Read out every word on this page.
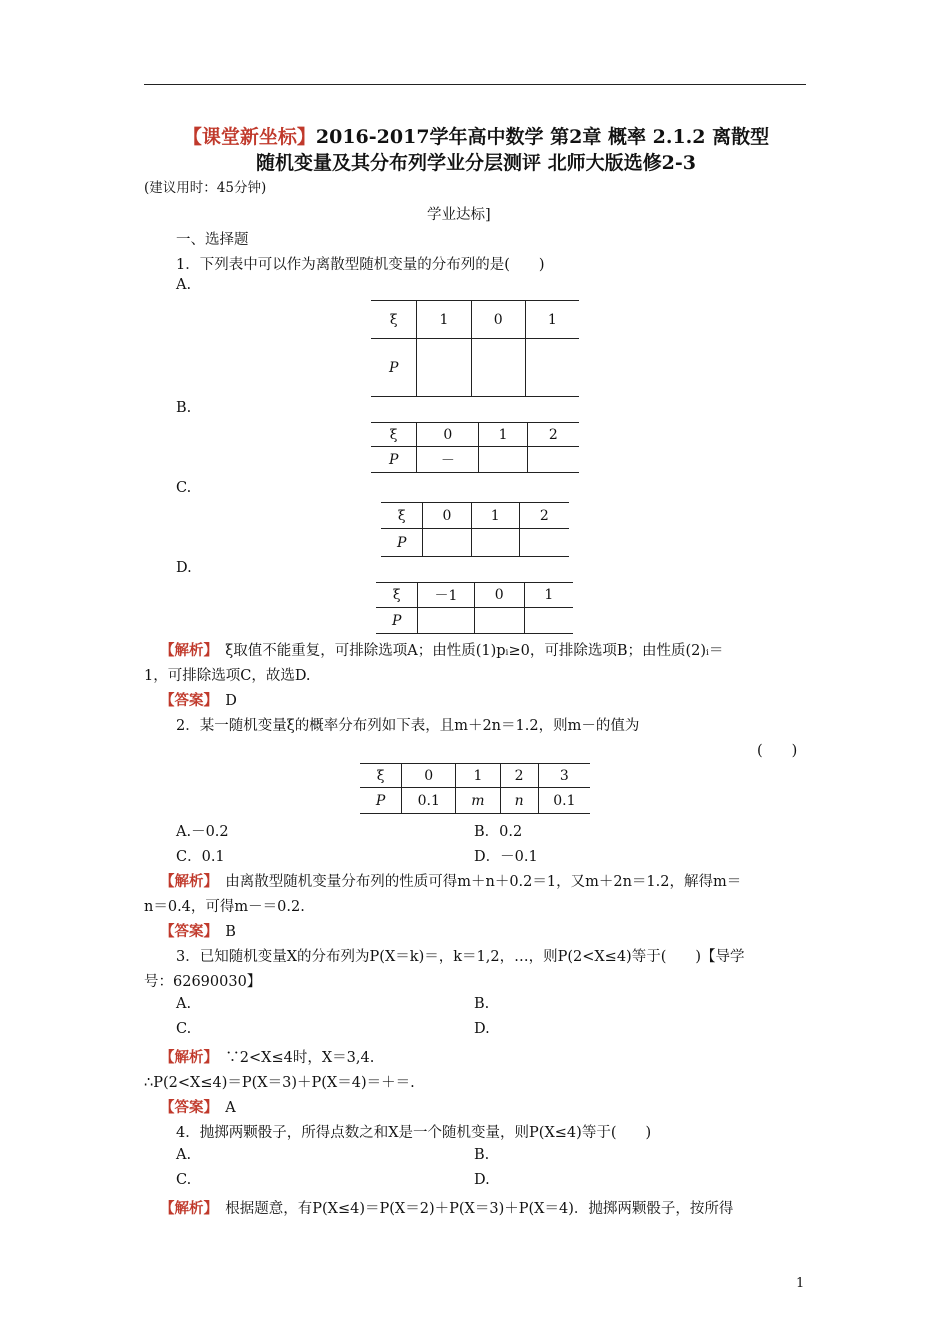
【课堂新坐标】2016-2017学年高中数学 第2章 概率 2.1.2 离散型
随机变量及其分布列学业分层测评 北师大版选修2-3
(建议用时：45分钟)
学业达标]
一、选择题
1．下列表中可以作为离散型随机变量的分布列的是(　　)
A.
ξ	1	0	1
P			
B.
ξ	0	1	2
P	－		
C.
ξ	0	1	2
P			
D.
ξ	－1	0	1
P			
【解析】　ξ取值不能重复，可排除选项A；由性质(1)pᵢ≥0，可排除选项B；由性质(2)ᵢ＝
1，可排除选项C，故选D.
【答案】　D
2．某一随机变量ξ的概率分布列如下表，且m＋2n＝1.2，则m－的值为
(　　)
ξ	0	1	2	3
P	0.1	m	n	0.1
A.－0.2	B．0.2
C．0.1	D．－0.1
【解析】　由离散型随机变量分布列的性质可得m＋n＋0.2＝1，又m＋2n＝1.2，解得m＝
n＝0.4，可得m－＝0.2.
【答案】　B
3．已知随机变量X的分布列为P(X＝k)＝，k＝1,2，…，则P(2<X≤4)等于(　　)【导学
号：62690030】
A.	B.
C.	D.
【解析】　∵2<X≤4时，X＝3,4.
∴P(2<X≤4)＝P(X＝3)＋P(X＝4)＝＋＝.
【答案】　A
4．抛掷两颗骰子，所得点数之和X是一个随机变量，则P(X≤4)等于(　　)
A.	B.
C.	D.
【解析】　根据题意，有P(X≤4)＝P(X＝2)＋P(X＝3)＋P(X＝4)．抛掷两颗骰子，按所得
1
